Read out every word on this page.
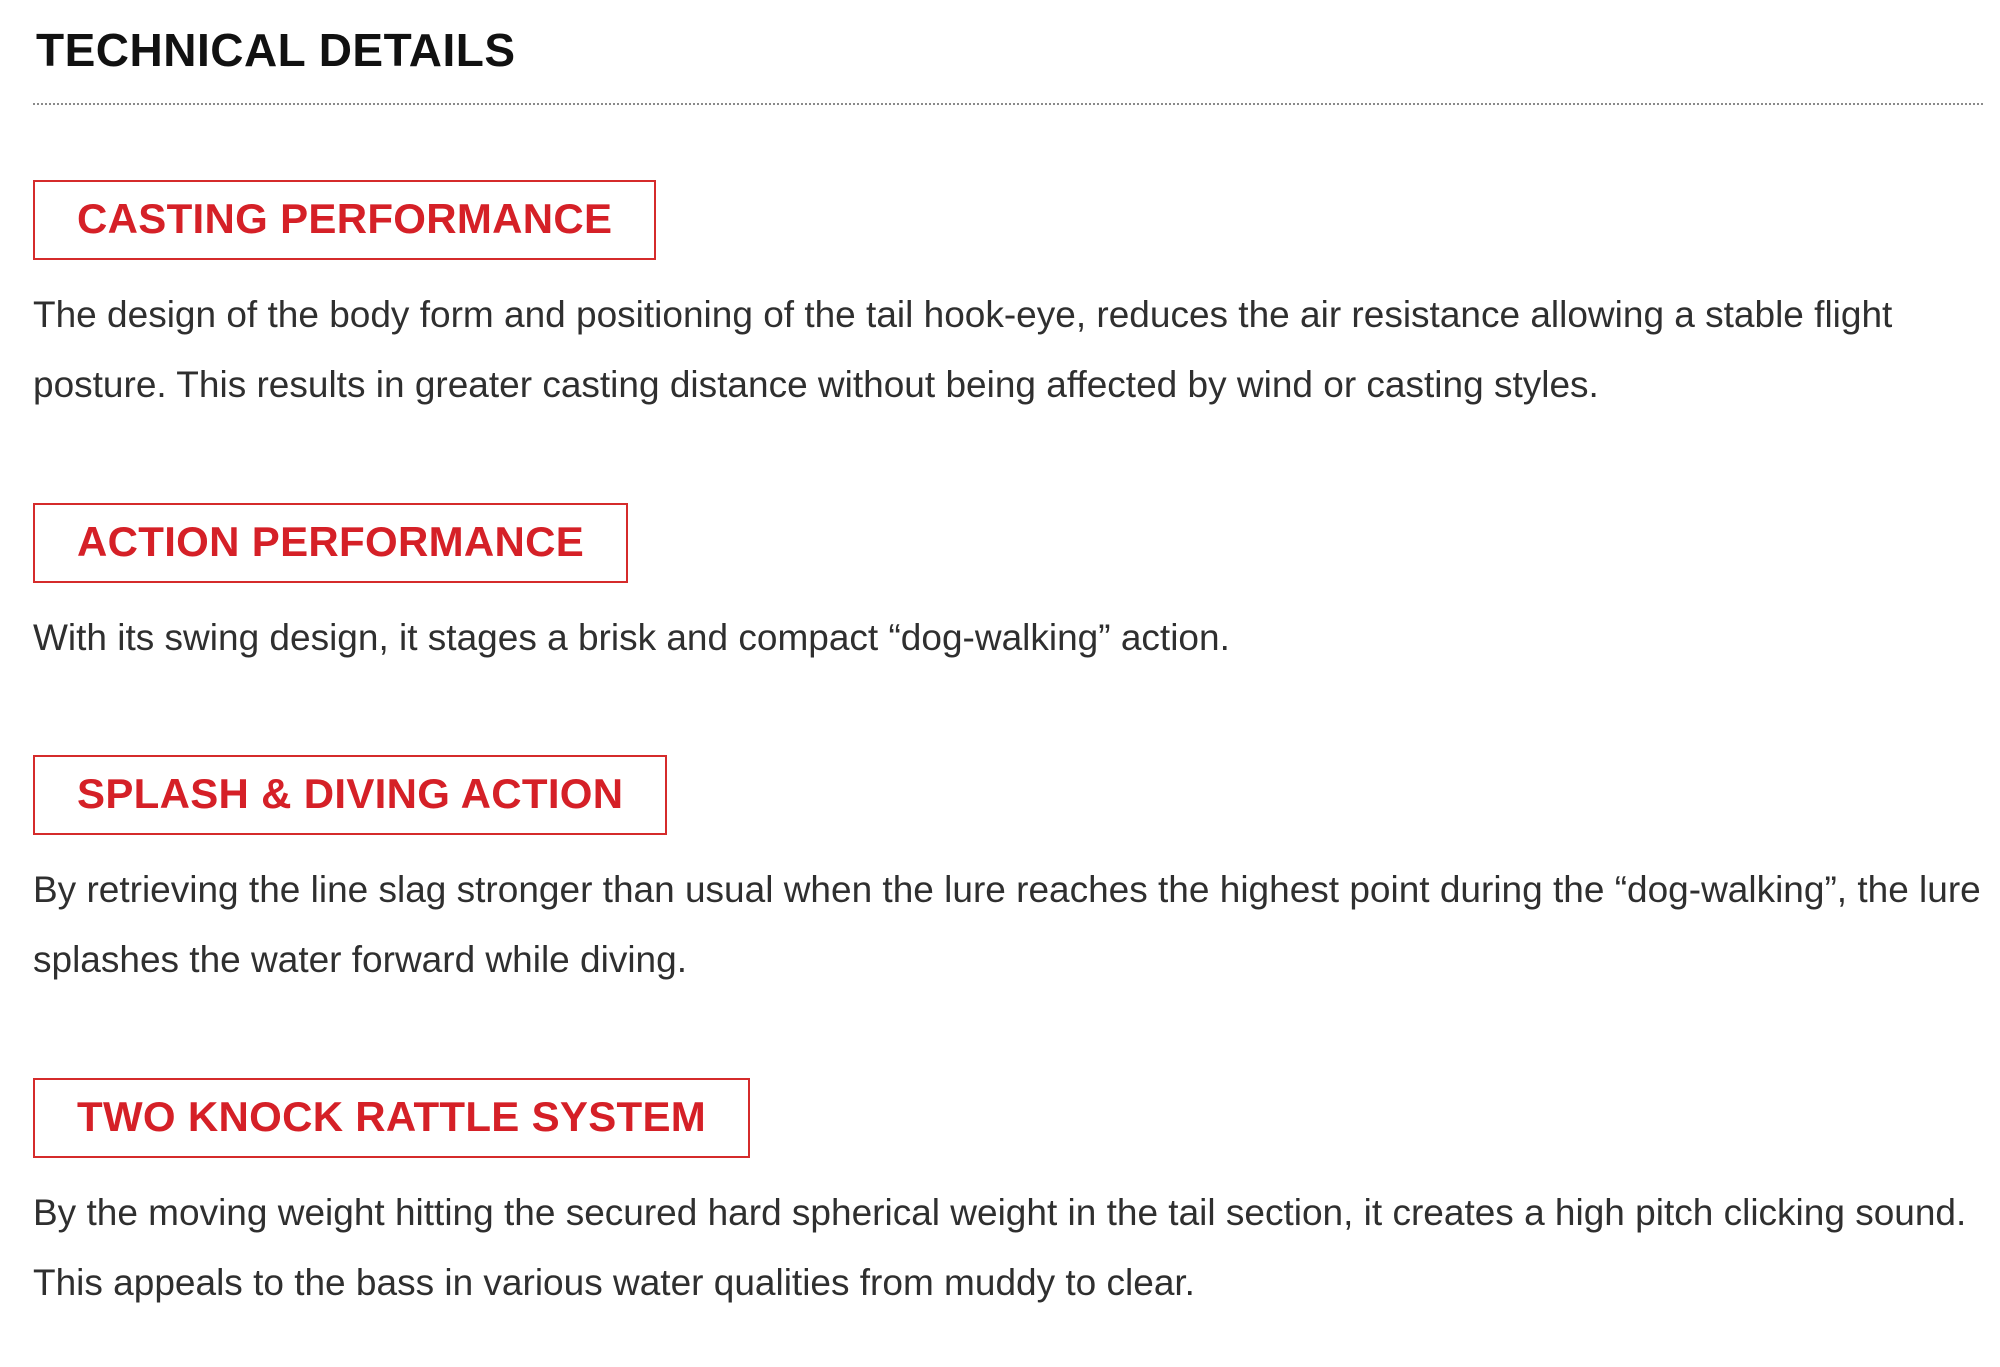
TECHNICAL DETAILS
CASTING PERFORMANCE

The design of the body form and positioning of the tail hook-eye, reduces the air resistance allowing a stable flight posture. This results in greater casting distance without being affected by wind or casting styles.

ACTION PERFORMANCE

With its swing design, it stages a brisk and compact “dog-walking” action.

SPLASH & DIVING ACTION

By retrieving the line slag stronger than usual when the lure reaches the highest point during the “dog-walking”, the lure splashes the water forward while diving.

TWO KNOCK RATTLE SYSTEM

By the moving weight hitting the secured hard spherical weight in the tail section, it creates a high pitch clicking sound. This appeals to the bass in various water qualities from muddy to clear.
